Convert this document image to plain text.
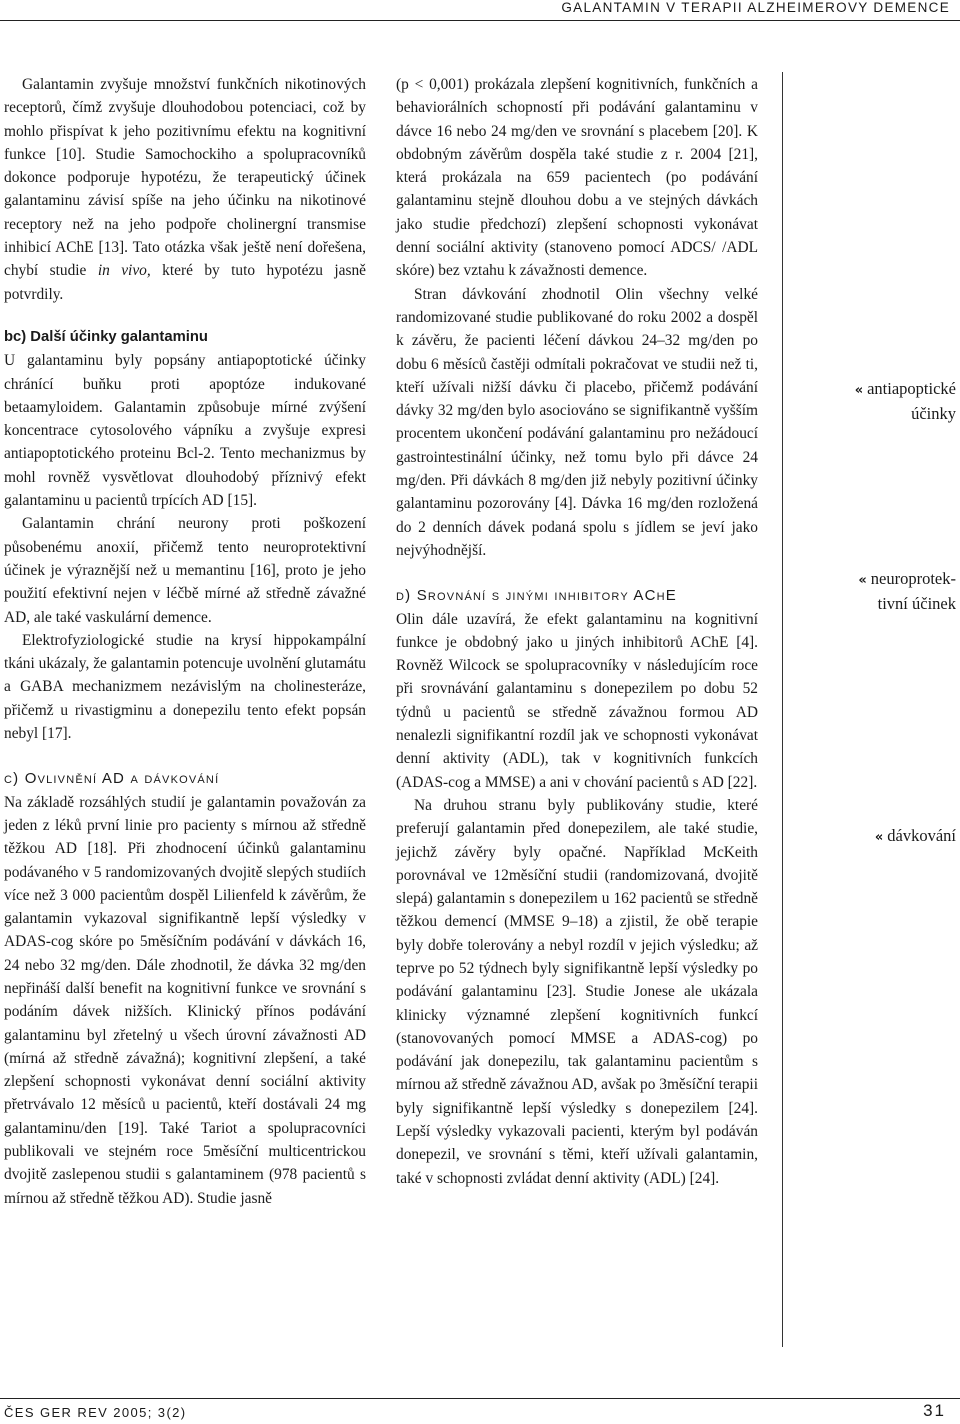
GALANTAMIN V TERAPII ALZHEIMEROVY DEMENCE

Galantamin zvyšuje množství funkčních nikotinových receptorů, čímž zvyšuje dlouhodobou potenciaci, což by mohlo přispívat k jeho pozitivnímu efektu na kognitivní funkce [10]. Studie Samochockiho a spolupracovníků dokonce podporuje hypotézu, že terapeutický účinek galantaminu závisí spíše na jeho účinku na nikotinové receptory než na jeho podpoře cholinergní transmise inhibicí AChE [13]. Tato otázka však ještě není dořešena, chybí studie in vivo, které by tuto hypotézu jasně potvrdily.

bc) Další účinky galantaminu

U galantaminu byly popsány antiapoptotické účinky chránící buňku proti apoptóze indukované betaamyloidem. Galantamin způsobuje mírné zvýšení koncentrace cytosolového vápníku a zvyšuje expresi antiapoptotického proteinu Bcl-2. Tento mechanizmus by mohl rovněž vysvětlovat dlouhodobý příznivý efekt galantaminu u pacientů trpících AD [15].

Galantamin chrání neurony proti poškození působenému anoxií, přičemž tento neuroprotektivní účinek je výraznější než u memantinu [16], proto je jeho použití efektivní nejen v léčbě mírné až středně závažné AD, ale také vaskulární demence.

Elektrofyziologické studie na krysí hippokampální tkáni ukázaly, že galantamin potencuje uvolnění glutamátu a GABA mechanizmem nezávislým na cholinesteráze, přičemž u rivastigminu a donepezilu tento efekt popsán nebyl [17].

c) Ovlivnění AD a dávkování

Na základě rozsáhlých studií je galantamin považován za jeden z léků první linie pro pacienty s mírnou až středně těžkou AD [18]. Při zhodnocení účinků galantaminu podávaného v 5 randomizovaných dvojitě slepých studiích více než 3 000 pacientům dospěl Lilienfeld k závěrům, že galantamin vykazoval signifikantně lepší výsledky v ADAS-cog skóre po 5měsíčním podávání v dávkách 16, 24 nebo 32 mg/den. Dále zhodnotil, že dávka 32 mg/den nepřináší další benefit na kognitivní funkce ve srovnání s podáním dávek nižších. Klinický přínos podávání galantaminu byl zřetelný u všech úrovní závažnosti AD (mírná až středně závažná); kognitivní zlepšení, a také zlepšení schopnosti vykonávat denní sociální aktivity přetrvávalo 12 měsíců u pacientů, kteří dostávali 24 mg galantaminu/den [19]. Také Tariot a spolupracovníci publikovali ve stejném roce 5měsíční multicentrickou dvojitě zaslepenou studii s galantaminem (978 pacientů s mírnou až středně těžkou AD). Studie jasně

(p < 0,001) prokázala zlepšení kognitivních, funkčních a behaviorálních schopností při podávání galantaminu v dávce 16 nebo 24 mg/den ve srovnání s placebem [20]. K obdobným závěrům dospěla také studie z r. 2004 [21], která prokázala na 659 pacientech (po podávání galantaminu stejně dlouhou dobu a ve stejných dávkách jako studie předchozí) zlepšení schopnosti vykonávat denní sociální aktivity (stanoveno pomocí ADCS/ /ADL skóre) bez vztahu k závažnosti demence.

Stran dávkování zhodnotil Olin všechny velké randomizované studie publikované do roku 2002 a dospěl k závěru, že pacienti léčení dávkou 24–32 mg/den po dobu 6 měsíců častěji odmítali pokračovat ve studii než ti, kteří užívali nižší dávku či placebo, přičemž podávání dávky 32 mg/den bylo asociováno se signifikantně vyšším procentem ukončení podávání galantaminu pro nežádoucí gastrointestinální účinky, než tomu bylo při dávce 24 mg/den. Při dávkách 8 mg/den již nebyly pozitivní účinky galantaminu pozorovány [4]. Dávka 16 mg/den rozložená do 2 denních dávek podaná spolu s jídlem se jeví jako nejvýhodnější.

d) Srovnání s jinými inhibitory AChE

Olin dále uzavírá, že efekt galantaminu na kognitivní funkce je obdobný jako u jiných inhibitorů AChE [4]. Rovněž Wilcock se spolupracovníky v následujícím roce při srovnávání galantaminu s donepezilem po dobu 52 týdnů u pacientů se středně závažnou formou AD nenalezli signifikantní rozdíl jak ve schopnosti vykonávat denní aktivity (ADL), tak v kognitivních funkcích (ADAS-cog a MMSE) a ani v chování pacientů s AD [22].

Na druhou stranu byly publikovány studie, které preferují galantamin před donepezilem, ale také studie, jejichž závěry byly opačné. Například McKeith porovnával ve 12měsíční studii (randomizovaná, dvojitě slepá) galantamin s donepezilem u 162 pacientů se středně těžkou demencí (MMSE 9–18) a zjistil, že obě terapie byly dobře tolerovány a nebyl rozdíl v jejich výsledku; až teprve po 52 týdnech byly signifikantně lepší výsledky po podávání galantaminu [23]. Studie Jonese ale ukázala klinicky významné zlepšení kognitivních funkcí (stanovovaných pomocí MMSE a ADAS-cog) po podávání jak donepezilu, tak galantaminu pacientům s mírnou až středně závažnou AD, avšak po 3měsíční terapii byly signifikantně lepší výsledky s donepezilem [24]. Lepší výsledky vykazovali pacienti, kterým byl podáván donepezil, ve srovnání s těmi, kteří užívali galantamin, také v schopnosti zvládat denní aktivity (ADL) [24].

« antiapoptické
účinky
« neuroprotek-
tivní účinek
« dávkování
ČES GER REV 2005; 3(2)	31
